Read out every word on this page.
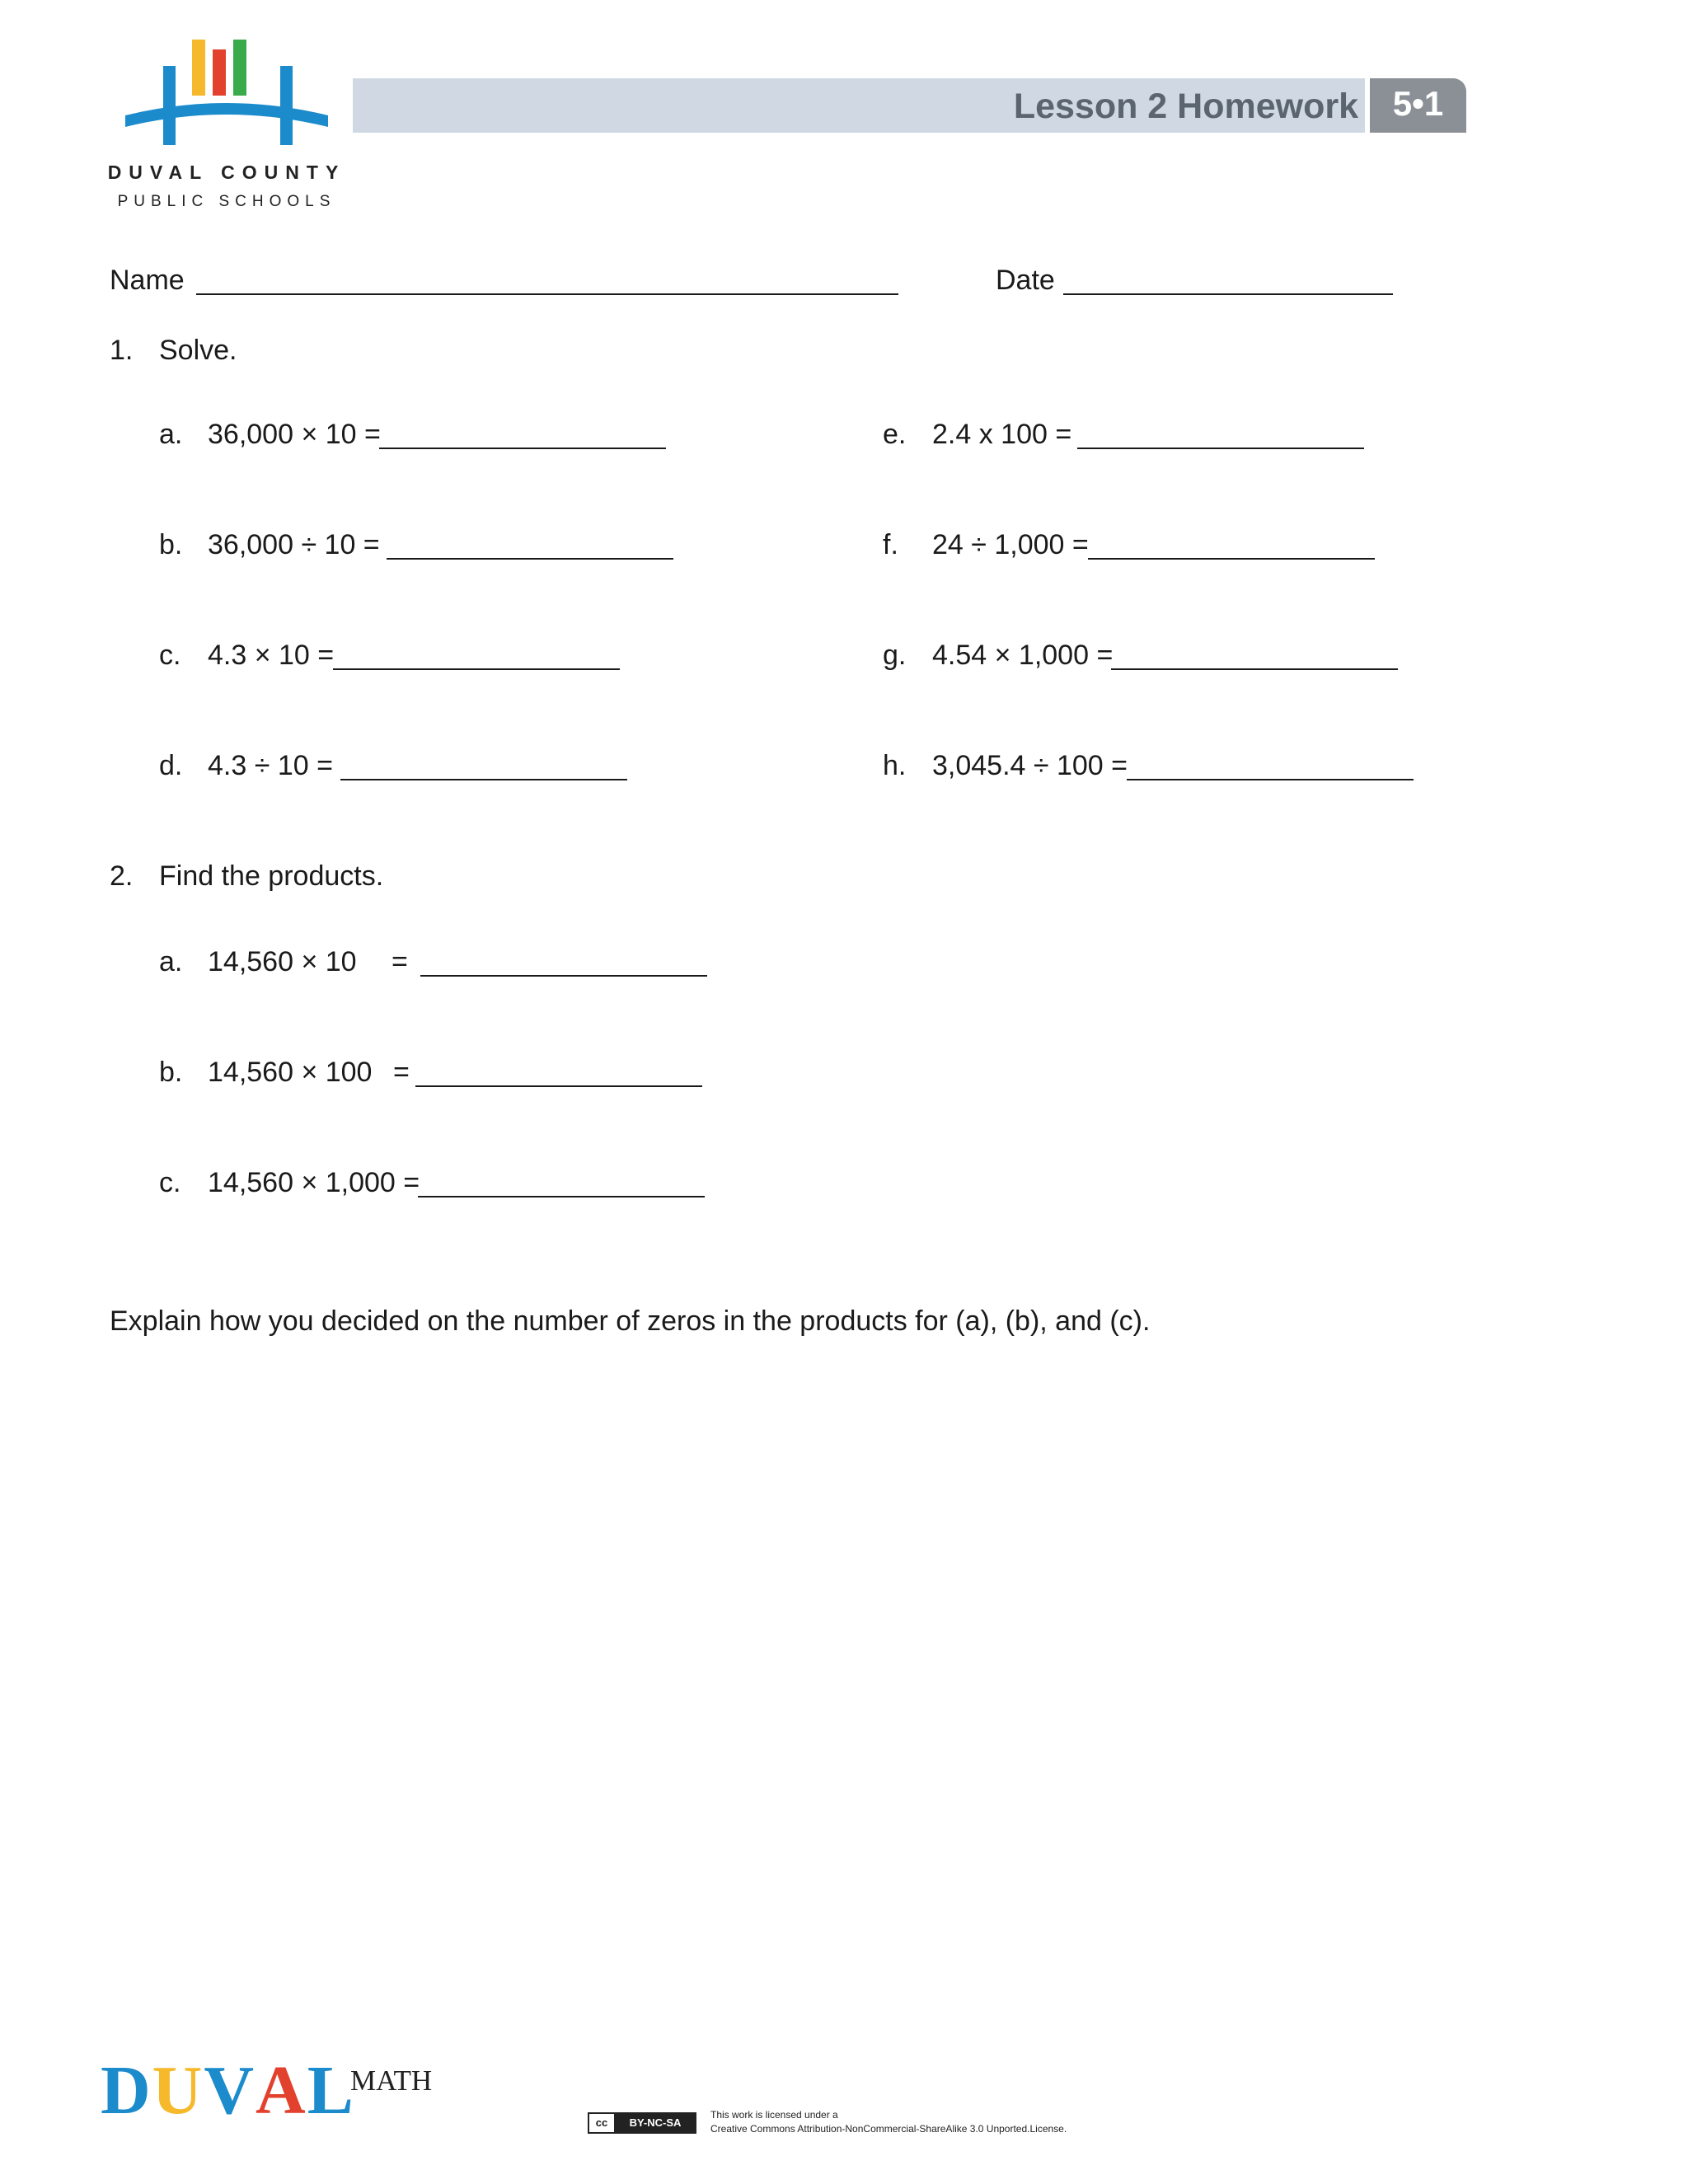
DUVAL COUNTY
PUBLIC SCHOOLS
Lesson 2 Homework 5•1
Name	Date
1. Solve.
a. 36,000 × 10 =
b. 36,000 ÷ 10 =
c. 4.3 × 10 =
d. 4.3 ÷ 10 =
e. 2.4 x 100 =
f. 24 ÷ 1,000 =
g. 4.54 × 1,000 =
h. 3,045.4 ÷ 100 =
2. Find the products.
a. 14,560 × 10 =
b. 14,560 × 100 =
c. 14,560 × 1,000 =
Explain how you decided on the number of zeros in the products for (a), (b), and (c).
DUVAL
MATH
cc	BY-NC-SA
This work is licensed under a
Creative Commons Attribution-NonCommercial-ShareAlike 3.0 Unported.License.
